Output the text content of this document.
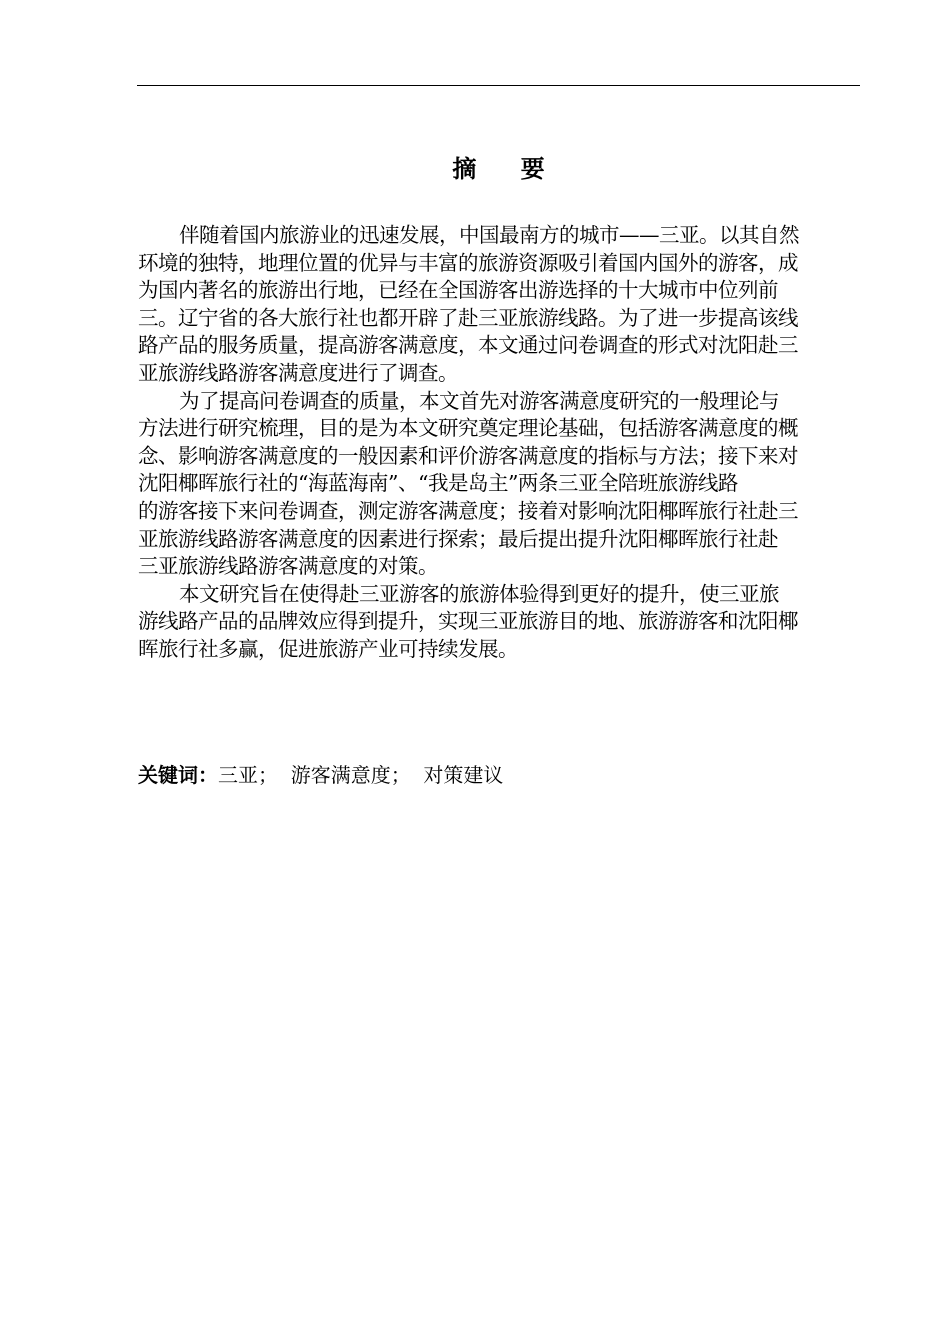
摘 要

伴随着国内旅游业的迅速发展，中国最南方的城市——三亚。以其自然
环境的独特，地理位置的优异与丰富的旅游资源吸引着国内国外的游客，成
为国内著名的旅游出行地，已经在全国游客出游选择的十大城市中位列前
三。辽宁省的各大旅行社也都开辟了赴三亚旅游线路。为了进一步提高该线
路产品的服务质量，提高游客满意度，本文通过问卷调查的形式对沈阳赴三
亚旅游线路游客满意度进行了调查。

为了提高问卷调查的质量，本文首先对游客满意度研究的一般理论与
方法进行研究梳理，目的是为本文研究奠定理论基础，包括游客满意度的概
念、影响游客满意度的一般因素和评价游客满意度的指标与方法；接下来对
沈阳椰晖旅行社的“海蓝海南”、“我是岛主”两条三亚全陪班旅游线路
的游客接下来问卷调查，测定游客满意度；接着对影响沈阳椰晖旅行社赴三
亚旅游线路游客满意度的因素进行探索；最后提出提升沈阳椰晖旅行社赴
三亚旅游线路游客满意度的对策。

本文研究旨在使得赴三亚游客的旅游体验得到更好的提升，使三亚旅
游线路产品的品牌效应得到提升，实现三亚旅游目的地、旅游游客和沈阳椰
晖旅行社多赢，促进旅游产业可持续发展。

关键词：三亚；  游客满意度；  对策建议
